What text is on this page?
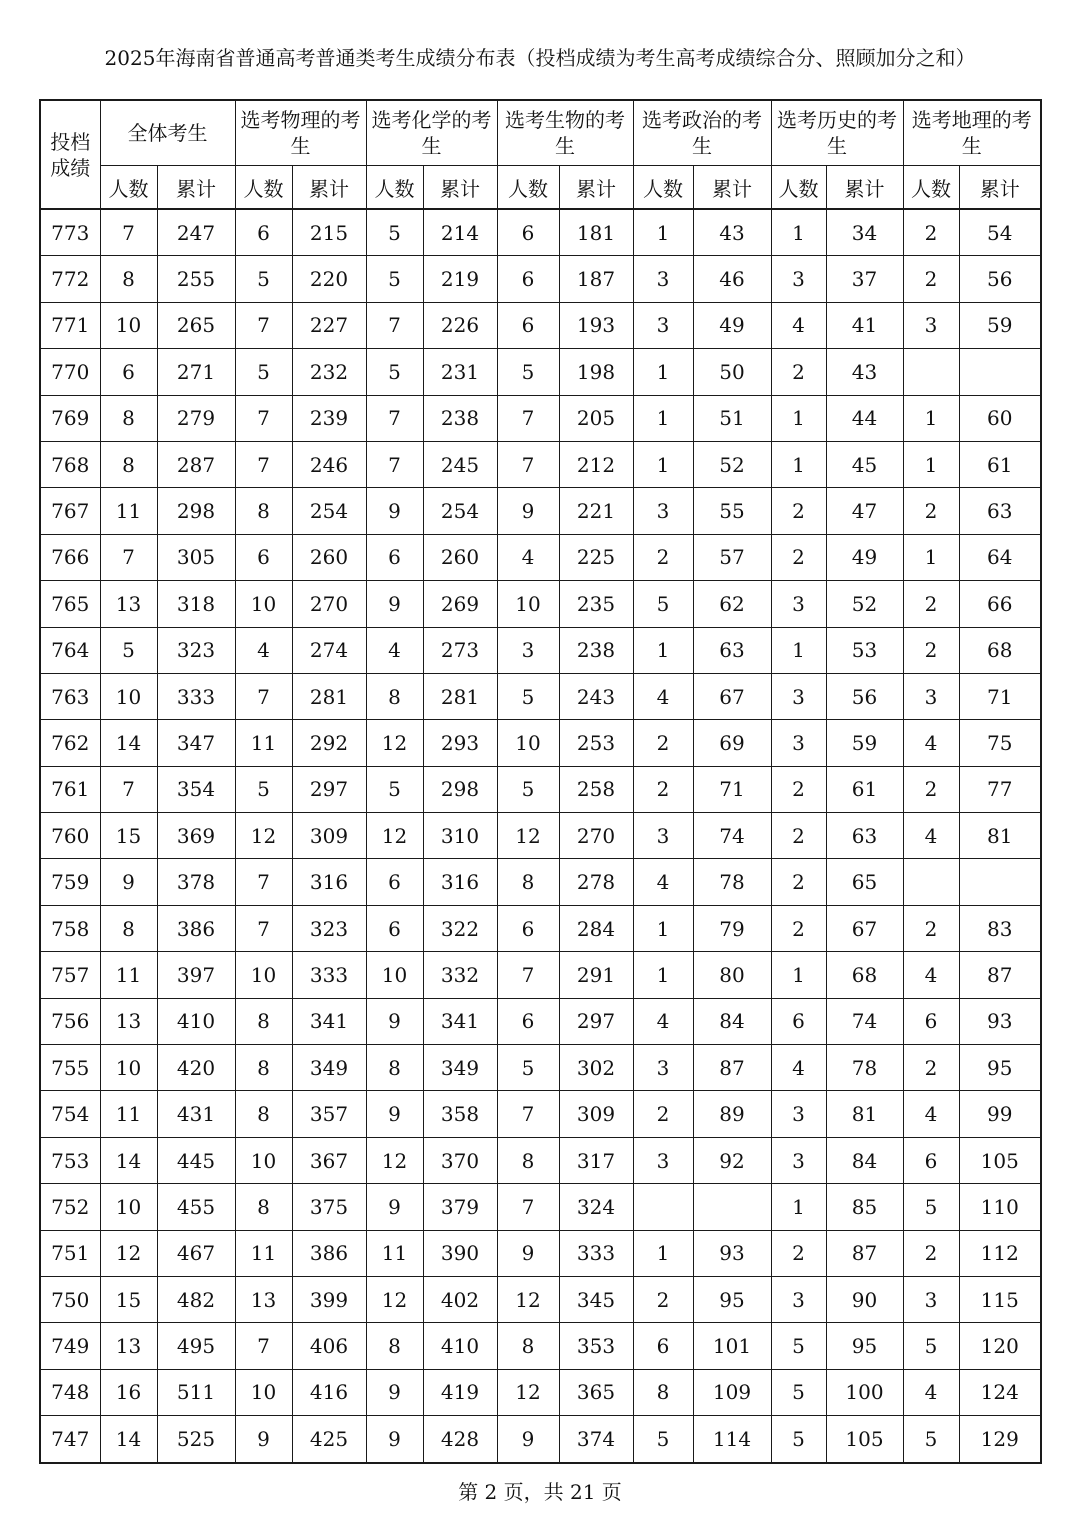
2025年海南省普通高考普通类考生成绩分布表（投档成绩为考生高考成绩综合分、照顾加分之和）
投档成绩	全体考生		选考物理的考生		选考化学的考生		选考生物的考生		选考政治的考生		选考历史的考生		选考地理的考生	
	人数	累计	人数	累计	人数	累计	人数	累计	人数	累计	人数	累计	人数	累计
773	7	247	6	215	5	214	6	181	1	43	1	34	2	54
772	8	255	5	220	5	219	6	187	3	46	3	37	2	56
771	10	265	7	227	7	226	6	193	3	49	4	41	3	59
770	6	271	5	232	5	231	5	198	1	50	2	43		
769	8	279	7	239	7	238	7	205	1	51	1	44	1	60
768	8	287	7	246	7	245	7	212	1	52	1	45	1	61
767	11	298	8	254	9	254	9	221	3	55	2	47	2	63
766	7	305	6	260	6	260	4	225	2	57	2	49	1	64
765	13	318	10	270	9	269	10	235	5	62	3	52	2	66
764	5	323	4	274	4	273	3	238	1	63	1	53	2	68
763	10	333	7	281	8	281	5	243	4	67	3	56	3	71
762	14	347	11	292	12	293	10	253	2	69	3	59	4	75
761	7	354	5	297	5	298	5	258	2	71	2	61	2	77
760	15	369	12	309	12	310	12	270	3	74	2	63	4	81
759	9	378	7	316	6	316	8	278	4	78	2	65		
758	8	386	7	323	6	322	6	284	1	79	2	67	2	83
757	11	397	10	333	10	332	7	291	1	80	1	68	4	87
756	13	410	8	341	9	341	6	297	4	84	6	74	6	93
755	10	420	8	349	8	349	5	302	3	87	4	78	2	95
754	11	431	8	357	9	358	7	309	2	89	3	81	4	99
753	14	445	10	367	12	370	8	317	3	92	3	84	6	105
752	10	455	8	375	9	379	7	324			1	85	5	110
751	12	467	11	386	11	390	9	333	1	93	2	87	2	112
750	15	482	13	399	12	402	12	345	2	95	3	90	3	115
749	13	495	7	406	8	410	8	353	6	101	5	95	5	120
748	16	511	10	416	9	419	12	365	8	109	5	100	4	124
747	14	525	9	425	9	428	9	374	5	114	5	105	5	129
第 2 页，共 21 页
